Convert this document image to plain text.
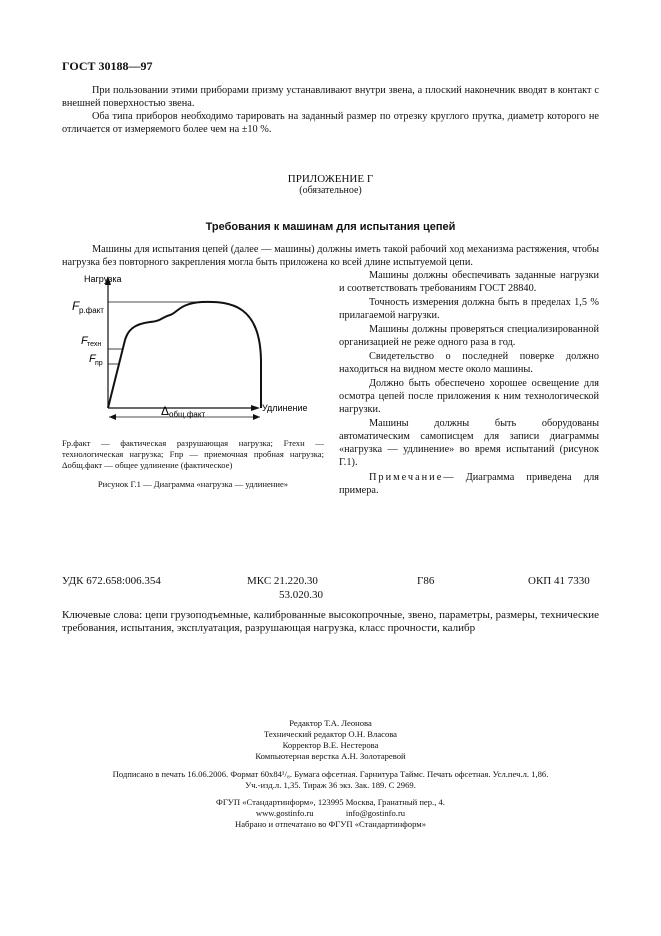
ГОСТ 30188—97

При пользовании этими приборами призму устанавливают внутри звена, а плоский наконечник вводят в контакт с внешней поверхностью звена.

Оба типа приборов необходимо тарировать на заданный размер по отрезку круглого прутка, диаметр которого не отличается от измеряемого более чем на ±10 %.

ПРИЛОЖЕНИЕ Г
(обязательное)
Требования к машинам для испытания цепей

Машины для испытания цепей (далее — машины) должны иметь такой рабочий ход механизма растяжения, чтобы нагрузка без повторного закрепления могла быть приложена ко всей длине испытуемой цепи.

Машины должны обеспечивать заданные нагрузки и соответствовать требованиям ГОСТ 28840.

Точность измерения должна быть в пределах 1,5 % прилагаемой нагрузки.

Машины должны проверяться специализированной организацией не реже одного раза в год.

Свидетельство о последней поверке должно находиться на видном месте около машины.

Должно быть обеспечено хорошее освещение для осмотра цепей после приложения к ним технологической нагрузки.

Машины должны быть оборудованы автоматическим самописцем для записи диаграммы «нагрузка — удлинение» во время испытаний (рисунок Г.1).

Примечание— Диаграмма приведена для примера.

Нагрузка
Удлинение
F р.факт
F техн
F пр
Δ общ.факт

Fр.факт — фактическая разрушающая нагрузка; Fтехн — технологическая нагрузка; Fпр — приемочная пробная нагрузка; Δобщ.факт — общее удлинение (фактическое)

Рисунок Г.1 — Диаграмма «нагрузка — удлинение»
УДК 672.658:006.354	МКС 21.220.30
53.020.30
Г86	ОКП 41 7330

Ключевые слова: цепи грузоподъемные, калиброванные высокопрочные, звено, параметры, размеры, технические требования, испытания, эксплуатация, разрушающая нагрузка, класс прочности, калибр

Редактор Т.А. Леонова
Технический редактор О.Н. Власова
Корректор В.Е. Нестерова
Компьютерная верстка А.Н. Золотаревой
Подписано в печать 16.06.2006. Формат 60х84¹/₈. Бумага офсетная. Гарнитура Таймс. Печать офсетная. Усл.печ.л. 1,86.
Уч.-изд.л. 1,35. Тираж 36 экз. Зак. 189. С 2969.
ФГУП «Стандартинформ», 123995 Москва, Гранатный пер., 4.
www.gostinfo.ru	info@gostinfo.ru
Набрано и отпечатано во ФГУП «Стандартинформ»
